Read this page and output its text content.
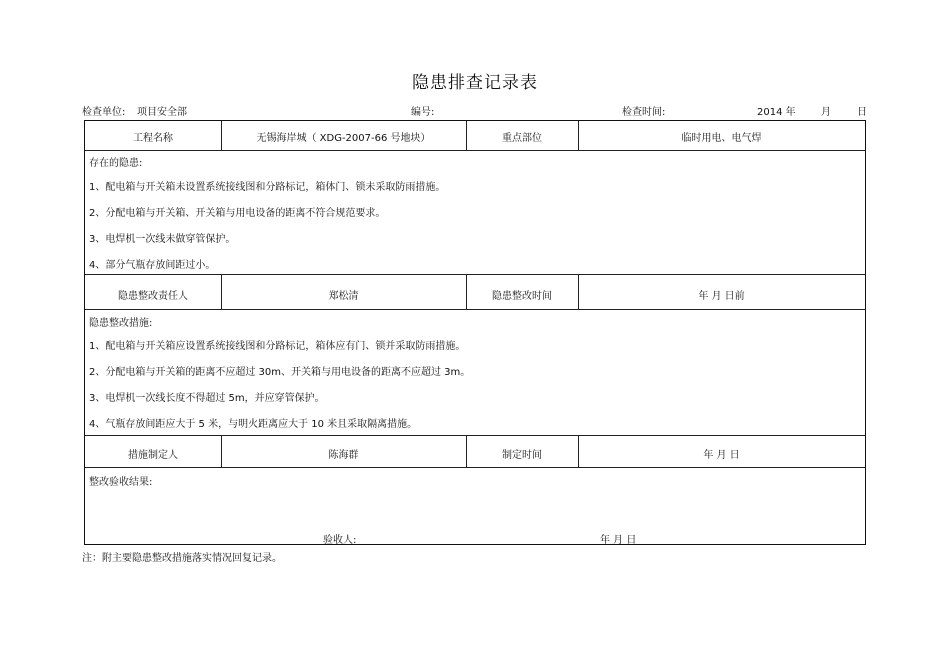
隐患排查记录表
检查单位: 项目安全部	编号:	检查时间:	2014 年	月	日
工程名称	无锡海岸城（ XDG-2007-66 号地块）	重点部位	临时用电、电气焊
存在的隐患:
1、配电箱与开关箱未设置系统接线图和分路标记，箱体门、锁未采取防雨措施。
2、分配电箱与开关箱、开关箱与用电设备的距离不符合规范要求。
3、电焊机一次线未做穿管保护。
4、部分气瓶存放间距过小。
隐患整改责任人	郑松清	隐患整改时间	年 月 日前
隐患整改措施:
1、配电箱与开关箱应设置系统接线图和分路标记，箱体应有门、锁并采取防雨措施。
2、分配电箱与开关箱的距离不应超过 30m、开关箱与用电设备的距离不应超过 3m。
3、电焊机一次线长度不得超过 5m，并应穿管保护。
4、气瓶存放间距应大于 5 米，与明火距离应大于 10 米且采取隔离措施。
措施制定人	陈海群	制定时间	年 月 日
整改验收结果:
验收人:	年 月 日
注：附主要隐患整改措施落实情况回复记录。
